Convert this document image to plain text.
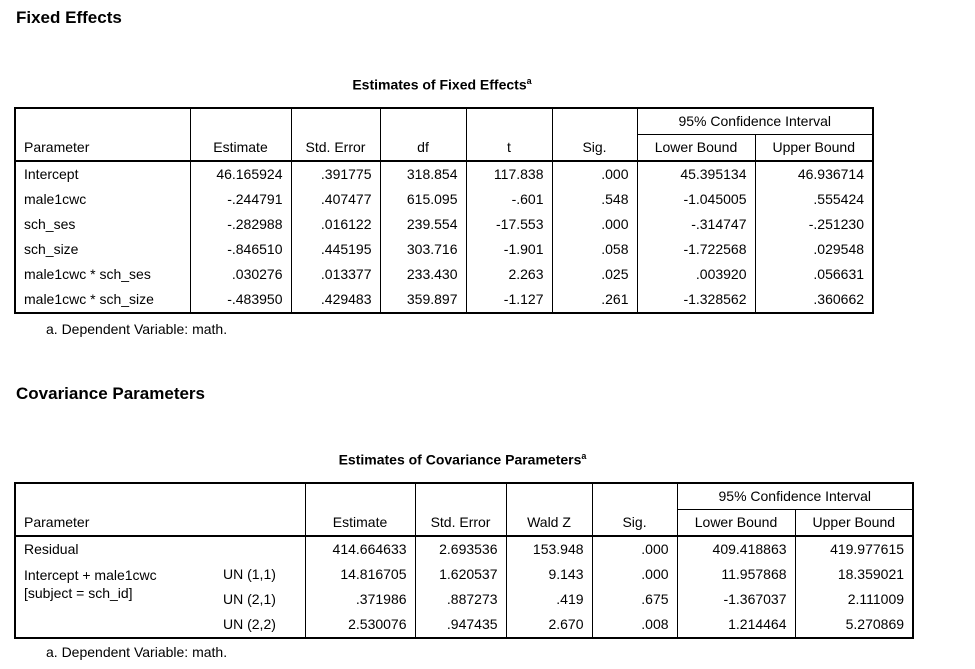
Fixed Effects
Estimates of Fixed Effects$^a$
Parameter	Estimate	Std. Error	df	t	Sig.	95% Confidence Interval	
						Lower Bound	Upper Bound
Intercept	46.165924	.391775	318.854	117.838	.000	45.395134	46.936714
male1cwc	-.244791	.407477	615.095	-.601	.548	-1.045005	.555424
sch_ses	-.282988	.016122	239.554	-17.553	.000	-.314747	-.251230
sch_size	-.846510	.445195	303.716	-1.901	.058	-1.722568	.029548
male1cwc * sch_ses	.030276	.013377	233.430	2.263	.025	.003920	.056631
male1cwc * sch_size	-.483950	.429483	359.897	-1.127	.261	-1.328562	.360662
a. Dependent Variable: math.
Covariance Parameters
Estimates of Covariance Parameters$^a$
Parameter		Estimate	Std. Error	Wald Z	Sig.	95% Confidence Interval	
						Lower Bound	Upper Bound
Residual		414.664633	2.693536	153.948	.000	409.418863	419.977615

Intercept + male1cwc
[subject = sch_id]	UN (1,1)	14.816705	1.620537	9.143	.000	11.957868	18.359021
	UN (2,1)	.371986	.887273	.419	.675	-1.367037	2.111009
	UN (2,2)	2.530076	.947435	2.670	.008	1.214464	5.270869
a. Dependent Variable: math.
